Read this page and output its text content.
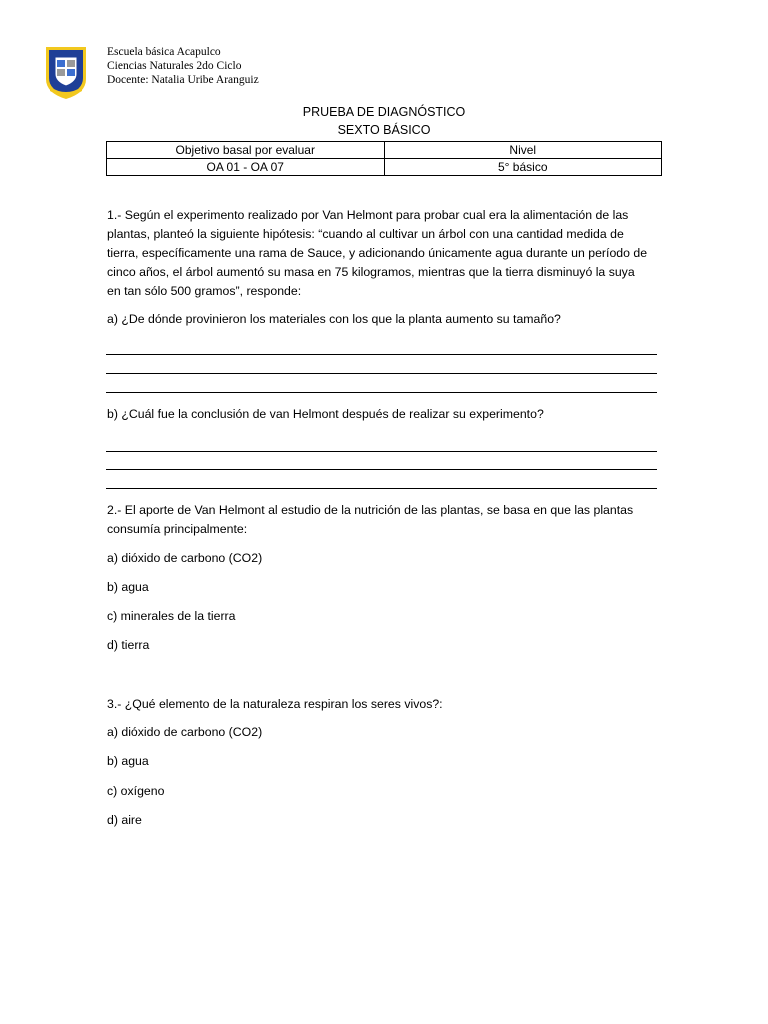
Escuela básica Acapulco
Ciencias Naturales 2do Ciclo
Docente: Natalia Uribe Aranguiz
PRUEBA DE DIAGNÓSTICO
SEXTO BÁSICO
Objetivo basal por evaluar	Nivel
OA 01 - OA 07	5° básico
1.- Según el experimento realizado por Van Helmont para probar cual era la alimentación de las
plantas, planteó la siguiente hipótesis: “cuando al cultivar un árbol con una cantidad medida de
tierra, específicamente una rama de Sauce, y adicionando únicamente agua durante un período de
cinco años, el árbol aumentó su masa en 75 kilogramos, mientras que la tierra disminuyó la suya
en tan sólo 500 gramos”, responde:
a) ¿De dónde provinieron los materiales con los que la planta aumento su tamaño?
b) ¿Cuál fue la conclusión de van Helmont después de realizar su experimento?
2.- El aporte de Van Helmont al estudio de la nutrición de las plantas, se basa en que las plantas
consumía principalmente:
a) dióxido de carbono (CO2)
b) agua
c) minerales de la tierra
d) tierra
3.- ¿Qué elemento de la naturaleza respiran los seres vivos?:
a) dióxido de carbono (CO2)
b) agua
c) oxígeno
d) aire
